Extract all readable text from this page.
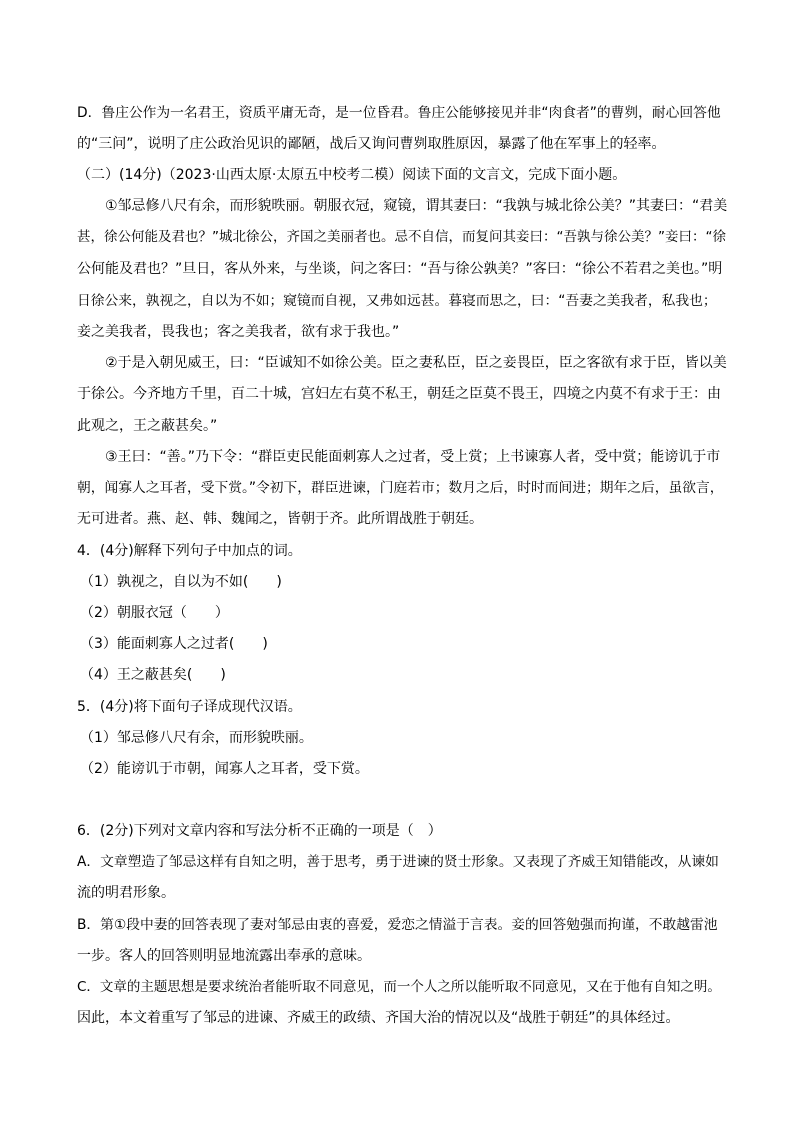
D．鲁庄公作为一名君王，资质平庸无奇，是一位昏君。鲁庄公能够接见并非“肉食者”的曹刿，耐心回答他
的“三问”，说明了庄公政治见识的鄙陋，战后又询问曹刿取胜原因，暴露了他在军事上的轻率。
（二）(14分)（2023·山西太原·太原五中校考二模）阅读下面的文言文，完成下面小题。
①邹忌修八尺有余，而形貌昳丽。朝服衣冠，窥镜，谓其妻曰：“我孰与城北徐公美？”其妻曰：“君美
甚，徐公何能及君也？”城北徐公，齐国之美丽者也。忌不自信，而复问其妾曰：“吾孰与徐公美？”妾曰：“徐
公何能及君也？”旦日，客从外来，与坐谈，问之客曰：“吾与徐公孰美？”客曰：“徐公不若君之美也。”明
日徐公来，孰视之，自以为不如；窥镜而自视，又弗如远甚。暮寝而思之，曰：“吾妻之美我者，私我也；
妾之美我者，畏我也；客之美我者，欲有求于我也。”
②于是入朝见威王，曰：“臣诚知不如徐公美。臣之妻私臣，臣之妾畏臣，臣之客欲有求于臣，皆以美
于徐公。今齐地方千里，百二十城，宫妇左右莫不私王，朝廷之臣莫不畏王，四境之内莫不有求于王：由
此观之，王之蔽甚矣。”
③王曰：“善。”乃下令：“群臣吏民能面刺寡人之过者，受上赏；上书谏寡人者，受中赏；能谤讥于市
朝，闻寡人之耳者，受下赏。”令初下，群臣进谏，门庭若市；数月之后，时时而间进；期年之后，虽欲言，
无可进者。燕、赵、韩、魏闻之，皆朝于齐。此所谓战胜于朝廷。
4．(4分)解释下列句子中加点的词。
（1）孰视之，自以为不如(　　)
（2）朝服衣冠（　　）
（3）能面刺寡人之过者(　　)
（4）王之蔽甚矣(　　)
5．(4分)将下面句子译成现代汉语。
（1）邹忌修八尺有余，而形貌昳丽。
（2）能谤讥于市朝，闻寡人之耳者，受下赏。
6．(2分)下列对文章内容和写法分析不正确的一项是（　）
A．文章塑造了邹忌这样有自知之明，善于思考，勇于进谏的贤士形象。又表现了齐威王知错能改，从谏如
流的明君形象。
B．第①段中妻的回答表现了妻对邹忌由衷的喜爱，爱恋之情溢于言表。妾的回答勉强而拘谨，不敢越雷池
一步。客人的回答则明显地流露出奉承的意味。
C．文章的主题思想是要求统治者能听取不同意见，而一个人之所以能听取不同意见，又在于他有自知之明。
因此，本文着重写了邹忌的进谏、齐威王的政绩、齐国大治的情况以及“战胜于朝廷”的具体经过。
